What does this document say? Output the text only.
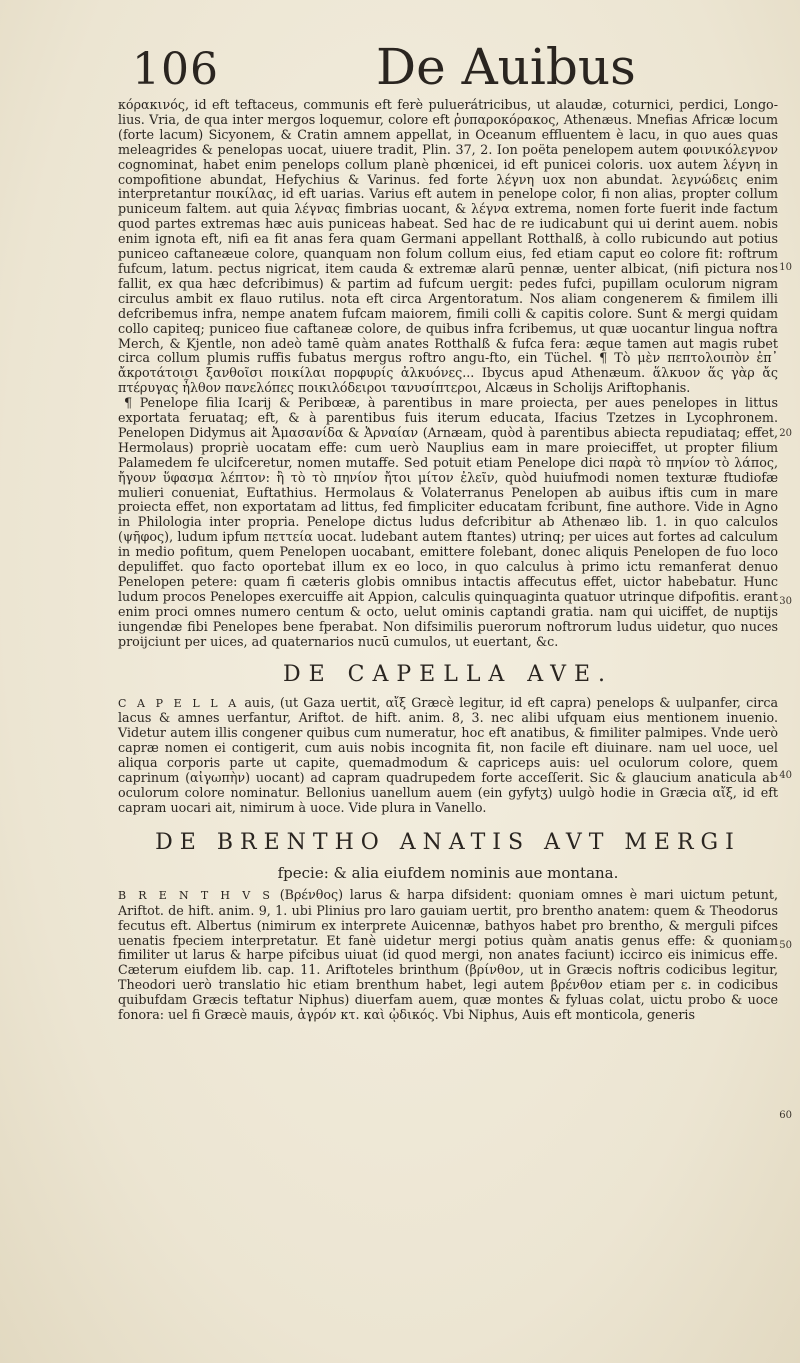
106	De Auibus

κόρακινός, id eft teftaceus, communis eft ferè puluerátricibus, ut alaudæ, coturnici, perdici, Longo-lius. Vria, de qua inter mergos loquemur, colore eft ῥυπαροκόρακος, Athenæus. Mnefias Africæ locum (forte lacum) Sicyonem, & Cratin amnem appellat, in Oceanum effluentem è lacu, in quo aues quas meleagrides & penelopas uocat, uiuere tradit, Plin. 37, 2. Ion poëta penelopem autem φοινικόλεγνον cognominat, habet enim penelops collum planè phœnicei, id eft punicei coloris. uox autem λέγνη in compofitione abundat, Hefychius & Varinus. fed forte λέγνη uox non abundat. λεγνώδεις enim interpretantur ποικίλας, id eft uarias. Varius eft autem in penelope color, fi non alias, propter collum puniceum faltem. aut quia λέγνας fimbrias uocant, & λέγνα extrema, nomen forte fuerit inde factum quod partes extremas hæc auis puniceas habeat. Sed hac de re iudicabunt qui ui derint auem. nobis enim ignota eft, nifi ea fit anas fera quam Germani appellant Rotthalß, à collo rubicundo aut potius puniceo caftaneæue colore, quanquam non folum collum eius, fed etiam caput eo colore fit: roftrum fufcum, latum. pectus nigricat, item cauda & extremæ alarū pennæ, uenter albicat, (nifi pictura nos fallit, ex qua hæc defcribimus) & partim ad fufcum uergit: pedes fufci, pupillam oculorum nigram circulus ambit ex flauo rutilus. nota eft circa Argentoratum. Nos aliam congenerem & fimilem illi defcribemus infra, nempe anatem fufcam maiorem, fimili colli & capitis colore. Sunt & mergi quidam collo capiteq; puniceo fiue caftaneæ colore, de quibus infra fcribemus, ut quæ uocantur lingua noftra Merch, & Kjentle, non adeò tamē quàm anates Rotthalß & fufca fera: æque tamen aut magis rubet circa collum plumis ruffis fubatus mergus roftro angu-fto, ein Tüchel. ¶ Τὸ μὲν πεπτολοιπὸν ἐπ᾽ ἄκροτάτοισι ξανθοῖσι ποικίλαι πορφυρίς ἀλκυόνες... Ibycus apud Athenæum. ἅλκυον ἅς γὰρ ἄς πτέρυγας ἦλθον πανελόπες ποικιλόδειροι τανυσίπτεροι, Alcæus in Scholijs Ariftophanis.

¶ Penelope filia Icarij & Peribœæ, à parentibus in mare proiecta, per aues penelopes in littus exportata feruataq; eft, & à parentibus fuis iterum educata, Ifacius Tzetzes in Lycophronem. Penelopen Didymus ait Ἀμασανίδα & Ἀρναίαν (Arnæam, quòd à parentibus abiecta repudiataq; effet, Hermolaus) propriè uocatam effe: cum uerò Nauplius eam in mare proieciffet, ut propter filium Palamedem fe ulcifceretur, nomen mutaffe. Sed potuit etiam Penelope dici παρὰ τὸ πηνίον τὸ λάπος, ἤγουν ὕφασμα λέπτον: ἢ τὸ τὸ πηνίον ἤτοι μίτον ἐλεῖν, quòd huiufmodi nomen texturæ ftudiofæ mulieri conueniat, Euftathius. Hermolaus & Volaterranus Penelopen ab auibus iftis cum in mare proiecta effet, non exportatam ad littus, fed fimpliciter educatam fcribunt, fine authore. Vide in Agno in Philologia inter propria. Penelope dictus ludus defcribitur ab Athenæo lib. 1. in quo calculos (ψῆφος), ludum ipfum πεττεία uocat. ludebant autem ftantes) utrinq; per uices aut fortes ad calculum in medio pofitum, quem Penelopen uocabant, emittere folebant, donec aliquis Penelopen de fuo loco depuliffet. quo facto oportebat illum ex eo loco, in quo calculus à primo ictu remanferat denuo Penelopen petere: quam fi cæteris globis omnibus intactis affecutus effet, uictor habebatur. Hunc ludum procos Penelopes exercuiffe ait Appion, calculis quinquaginta quatuor utrinque difpofitis. erant enim proci omnes numero centum & octo, uelut ominis captandi gratia. nam qui uiciffet, de nuptijs iungendæ fibi Penelopes bene fperabat. Non difsimilis puerorum noftrorum ludus uidetur, quo nuces proijciunt per uices, ad quaternarios nucū cumulos, ut euertant, &c.

DE CAPELLA AVE.

C A P E L L A auis, (ut Gaza uertit, αἴξ Græcè legitur, id eft capra) penelops & uulpanfer, circa lacus & amnes uerfantur, Ariftot. de hift. anim. 8, 3. nec alibi ufquam eius mentionem inuenio. Videtur autem illis congener quibus cum numeratur, hoc eft anatibus, & fimiliter palmipes. Vnde uerò capræ nomen ei contigerit, cum auis nobis incognita fit, non facile eft diuinare. nam uel uoce, uel aliqua corporis parte ut capite, quemadmodum & capriceps auis: uel oculorum colore, quem caprinum (αἰγωπὴν) uocant) ad capram quadrupedem forte acceſſerit. Sic & glaucium anaticula ab oculorum colore nominatur. Bellonius uanellum auem (ein gyfytʒ) uulgò hodie in Græcia αἴξ, id eft capram uocari ait, nimirum à uoce. Vide plura in Vanello.

DE BRENTHO ANATIS AVT MERGI
fpecie: & alia eiufdem nominis aue montana.

B R E N T H V S (Βρένθος) larus & harpa difsident: quoniam omnes è mari uictum petunt, Ariftot. de hift. anim. 9, 1. ubi Plinius pro laro gauiam uertit, pro brentho anatem: quem & Theodorus fecutus eft. Albertus (nimirum ex interprete Auicennæ, bathyos habet pro brentho, & merguli pifces uenatis fpeciem interpretatur. Et fanè uidetur mergi potius quàm anatis genus effe: & quoniam fimiliter ut larus & harpe pifcibus uiuat (id quod mergi, non anates faciunt) iccirco eis inimicus effe. Cæterum eiufdem lib. cap. 11. Ariftoteles brinthum (βρίνθον, ut in Græcis noftris codicibus legitur, Theodori uerò translatio hic etiam brenthum habet, legi autem βρένθον etiam per ε. in codicibus quibufdam Græcis teftatur Niphus) diuerfam auem, quæ montes & fyluas colat, uictu probo & uoce fonora: uel fi Græcè mauis, ἀγρόν κτ. καὶ ᾠδικός. Vbi Niphus, Auis eft monticola, generis

10
20
30
40
50
60
